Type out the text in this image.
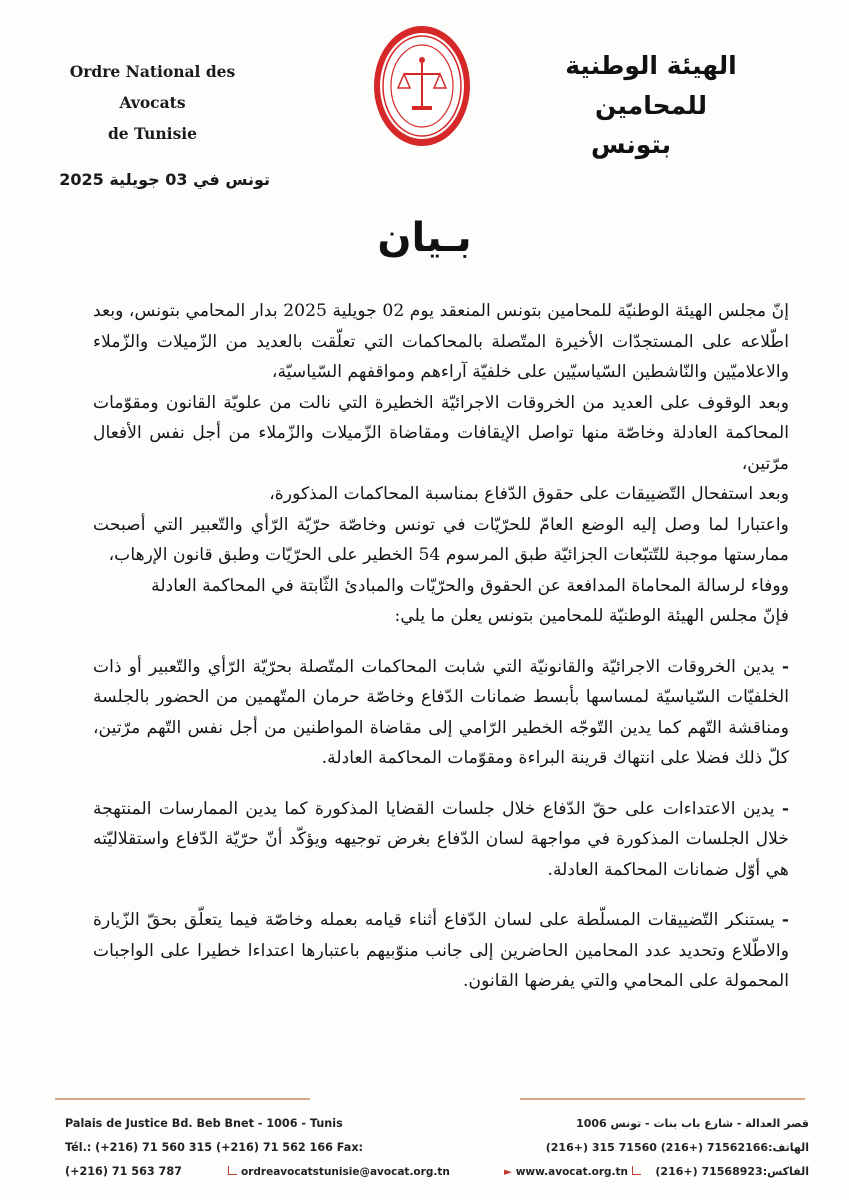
Ordre National des Avocats
de Tunisie
الهيئة الوطنية للمحامين
بتونس
تونس في 03 جويلية 2025
بـيان

إنّ مجلس الهيئة الوطنيّة للمحامين بتونس المنعقد يوم 02 جويلية 2025 بدار المحامي بتونس، وبعد اطّلاعه على المستجدّات الأخيرة المتّصلة بالمحاكمات التي تعلّقت بالعديد من الزّميلات والزّملاء والاعلاميّين والنّاشطين السّياسيّين على خلفيّة آراءهم ومواقفهم السّياسيّة،

وبعد الوقوف على العديد من الخروقات الاجرائيّة الخطيرة التي نالت من علويّة القانون ومقوّمات المحاكمة العادلة وخاصّة منها تواصل الإيقافات ومقاضاة الزّميلات والزّملاء من أجل نفس الأفعال مرّتين،

وبعد استفحال التّضييقات على حقوق الدّفاع بمناسبة المحاكمات المذكورة،

واعتبارا لما وصل إليه الوضع العامّ للحرّيّات في تونس وخاصّة حرّيّة الرّأي والتّعبير التي أصبحت ممارستها موجبة للتّتبّعات الجزائيّة طبق المرسوم 54 الخطير على الحرّيّات وطبق قانون الإرهاب،

ووفاء لرسالة المحاماة المدافعة عن الحقوق والحرّيّات والمبادئ الثّابتة في المحاكمة العادلة

فإنّ مجلس الهيئة الوطنيّة للمحامين بتونس يعلن ما يلي:

- يدين الخروقات الاجرائيّة والقانونيّة التي شابت المحاكمات المتّصلة بحرّيّة الرّأي والتّعبير أو ذات الخلفيّات السّياسيّة لمساسها بأبسط ضمانات الدّفاع وخاصّة حرمان المتّهمين من الحضور بالجلسة ومناقشة التّهم كما يدين التّوجّه الخطير الرّامي إلى مقاضاة المواطنين من أجل نفس التّهم مرّتين، كلّ ذلك فضلا على انتهاك قرينة البراءة ومقوّمات المحاكمة العادلة.

- يدين الاعتداءات على حقّ الدّفاع خلال جلسات القضايا المذكورة كما يدين الممارسات المنتهجة خلال الجلسات المذكورة في مواجهة لسان الدّفاع بغرض توجيهه ويؤكّد أنّ حرّيّة الدّفاع واستقلاليّته هي أوّل ضمانات المحاكمة العادلة.

- يستنكر التّضييقات المسلّطة على لسان الدّفاع أثناء قيامه بعمله وخاصّة فيما يتعلّق بحقّ الزّيارة والاطّلاع وتحديد عدد المحامين الحاضرين إلى جانب منوّبيهم باعتبارها اعتداءا خطيرا على الواجبات المحمولة على المحامي والتي يفرضها القانون.

Palais de Justice Bd. Beb Bnet - 1006 - Tunis
Tél.: (+216) 71 560 315 (+216) 71 562 166 Fax: (+216) 71 563 787
قصر العدالة - شارع باب بنات - تونس 1006
الهاتف:71562166 (+216) 71560 315 (+216) الفاكس:71568923 (+216)
ordreavocatstunisie@avocat.org.tn	► www.avocat.org.tn
